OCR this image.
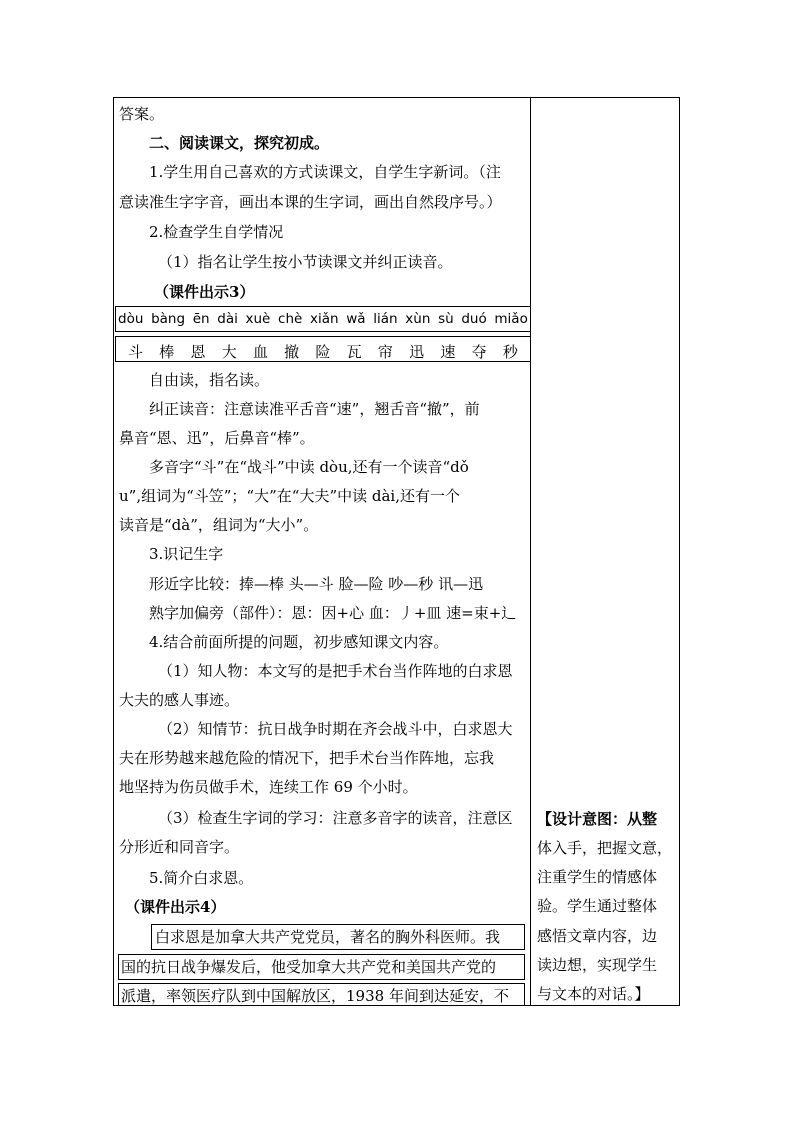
答案。
二、阅读课文，探究初成。
1.学生用自己喜欢的方式读课文，自学生字新词。（注
意读准生字字音，画出本课的生字词，画出自然段序号。）
2.检查学生自学情况
（1）指名让学生按小节读课文并纠正读音。
（课件出示3）
dòu bàng ēn dài xuè chè xiǎn wǎ lián xùn sù duó miǎo
斗 棒 恩 大 血 撤 险 瓦 帘 迅 速 夺 秒
自由读，指名读。
纠正读音：注意读准平舌音“速”，翘舌音“撤”，前
鼻音“恩、迅”，后鼻音“棒”。
多音字“斗”在“战斗”中读 dòu,还有一个读音“dǒ
u”,组词为“斗笠”；“大”在“大夫”中读 dài,还有一个
读音是“dà”，组词为“大小”。
3.识记生字
形近字比较：捧—棒 头—斗 脸—险 吵—秒 讯—迅
熟字加偏旁（部件）：恩：因+心 血：丿+皿 速=束+辶
4.结合前面所提的问题，初步感知课文内容。
（1）知人物：本文写的是把手术台当作阵地的白求恩
大夫的感人事迹。
（2）知情节：抗日战争时期在齐会战斗中，白求恩大
夫在形势越来越危险的情况下，把手术台当作阵地，忘我
地坚持为伤员做手术，连续工作 69 个小时。
（3）检查生字词的学习：注意多音字的读音，注意区
分形近和同音字。
5.简介白求恩。
（课件出示4）
白求恩是加拿大共产党党员，著名的胸外科医师。我
国的抗日战争爆发后，他受加拿大共产党和美国共产党的
派遣，率领医疗队到中国解放区，1938 年间到达延安，不
【设计意图：从整
体入手，把握文意，
注重学生的情感体
验。学生通过整体
感悟文章内容，边
读边想，实现学生
与文本的对话。】
